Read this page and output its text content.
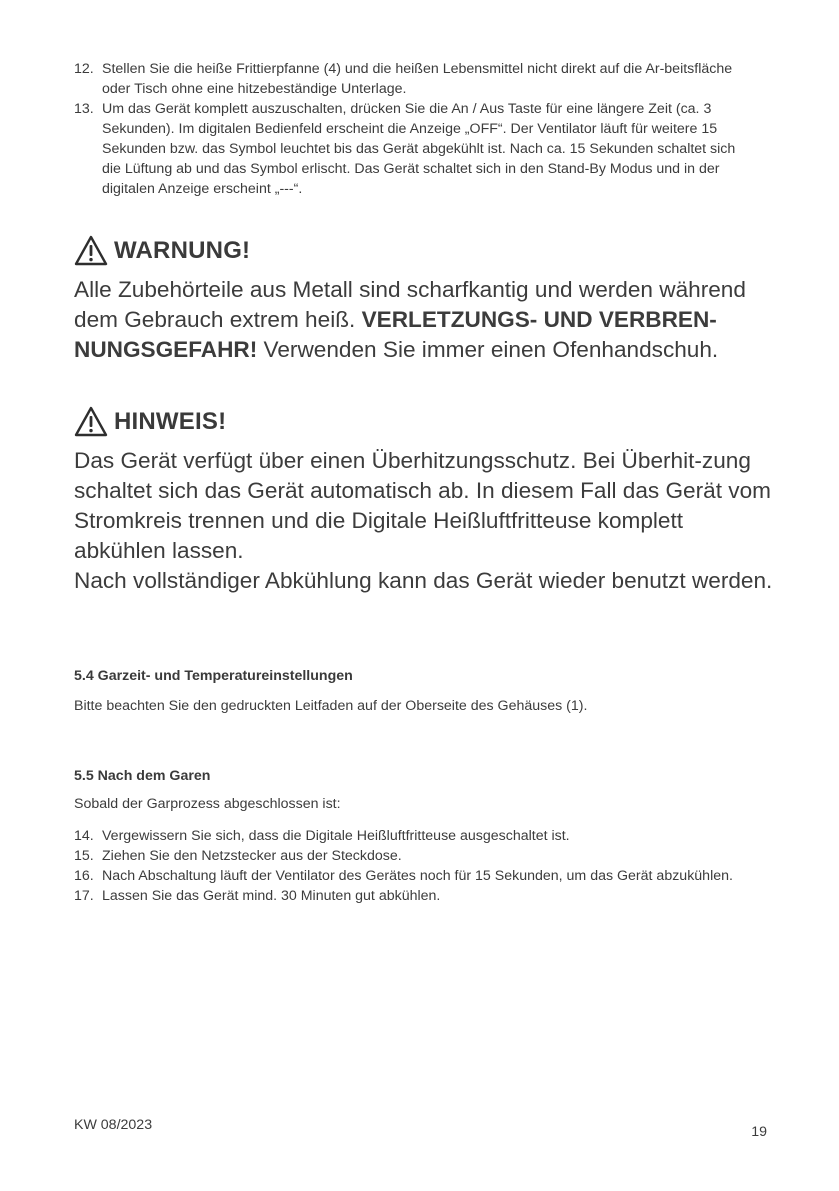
12. Stellen Sie die heiße Frittierpfanne (4) und die heißen Lebensmittel nicht direkt auf die Ar-beitsfläche oder Tisch ohne eine hitzebeständige Unterlage.
13. Um das Gerät komplett auszuschalten, drücken Sie die An / Aus Taste für eine längere Zeit (ca. 3 Sekunden). Im digitalen Bedienfeld erscheint die Anzeige „OFF“. Der Ventilator läuft für weitere 15 Sekunden bzw. das Symbol leuchtet bis das Gerät abgekühlt ist. Nach ca. 15 Sekunden schaltet sich die Lüftung ab und das Symbol erlischt. Das Gerät schaltet sich in den Stand-By Modus und in der digitalen Anzeige erscheint „---“.
WARNUNG!
Alle Zubehörteile aus Metall sind scharfkantig und werden während dem Gebrauch extrem heiß. VERLETZUNGS- UND VERBREN-NUNGSGEFAHR! Verwenden Sie immer einen Ofenhandschuh.
HINWEIS!

Das Gerät verfügt über einen Überhitzungsschutz. Bei Überhit-zung schaltet sich das Gerät automatisch ab. In diesem Fall das Gerät vom Stromkreis trennen und die Digitale Heißluftfritteuse komplett abkühlen lassen.

Nach vollständiger Abkühlung kann das Gerät wieder benutzt werden.

5.4 Garzeit- und Temperatureinstellungen
Bitte beachten Sie den gedruckten Leitfaden auf der Oberseite des Gehäuses (1).
5.5 Nach dem Garen
Sobald der Garprozess abgeschlossen ist:
14. Vergewissern Sie sich, dass die Digitale Heißluftfritteuse ausgeschaltet ist.
15. Ziehen Sie den Netzstecker aus der Steckdose.
16. Nach Abschaltung läuft der Ventilator des Gerätes noch für 15 Sekunden, um das Gerät abzukühlen.
17. Lassen Sie das Gerät mind. 30 Minuten gut abkühlen.
KW 08/2023	19
